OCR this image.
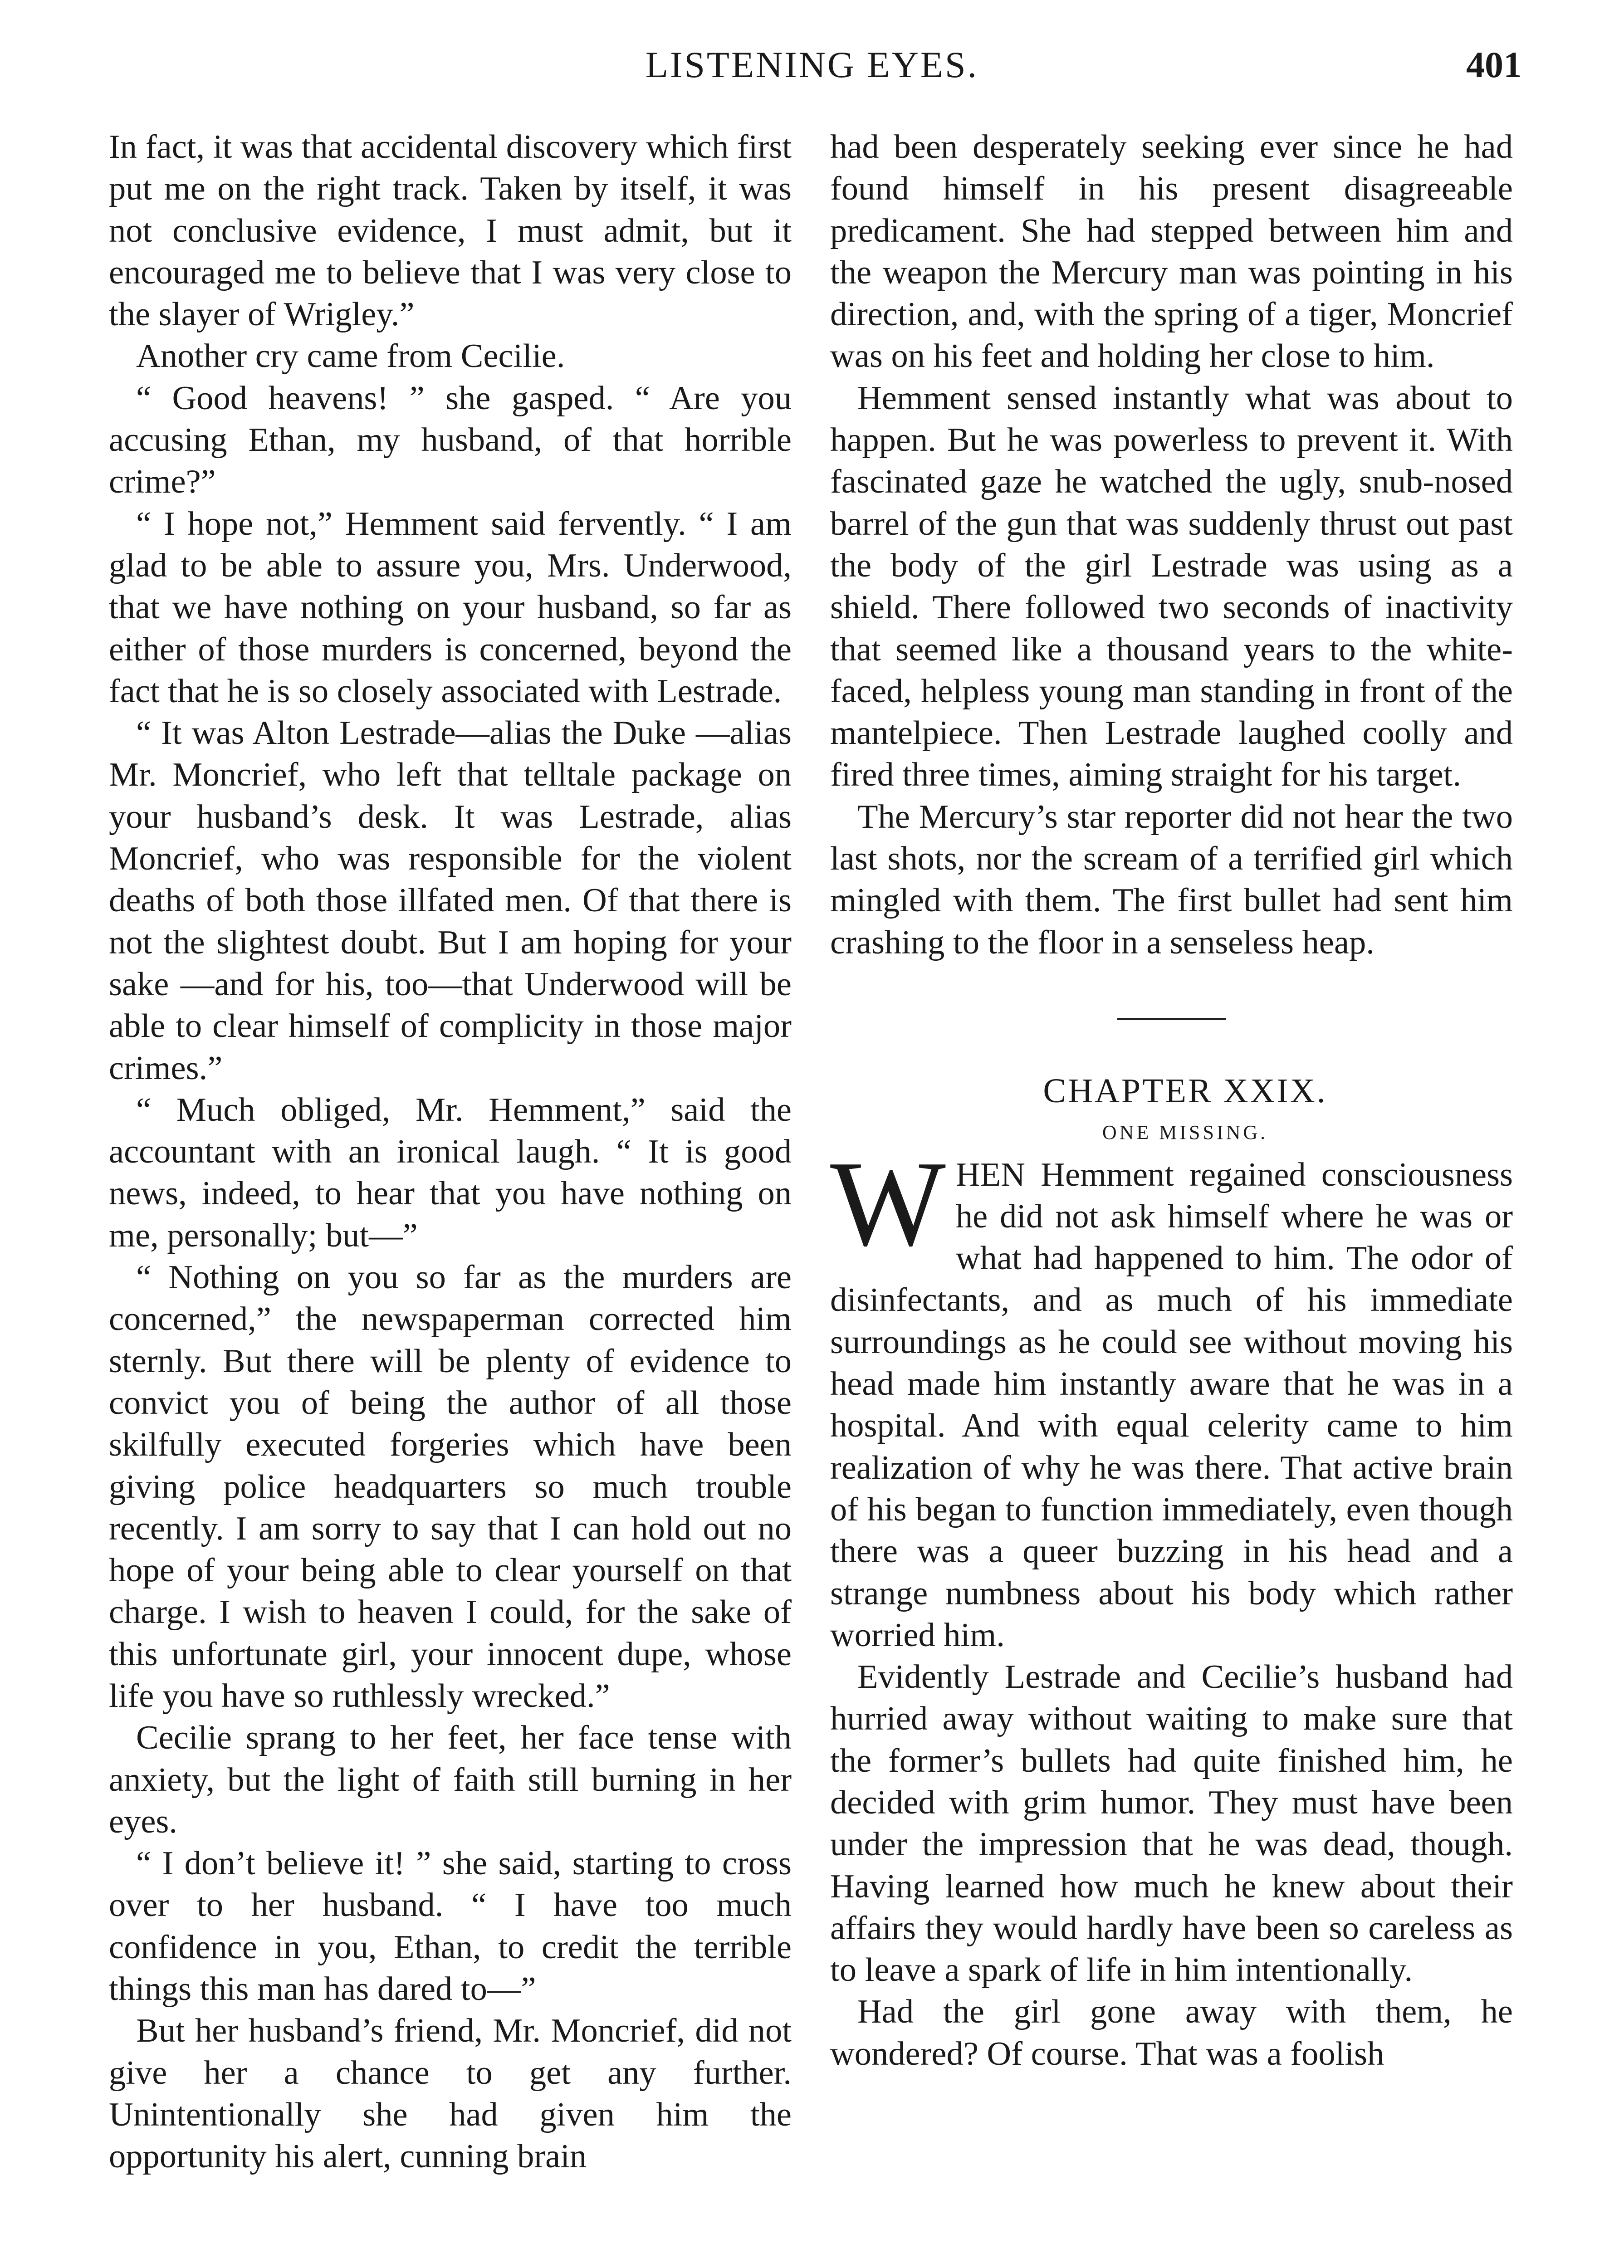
LISTENING EYES.	401

In fact, it was that accidental discovery which first put me on the right track. Taken by itself, it was not conclusive evidence, I must admit, but it encouraged me to believe that I was very close to the slayer of Wrigley.”

Another cry came from Cecilie.

“ Good heavens! ” she gasped. “ Are you accusing Ethan, my husband, of that horrible crime?”

“ I hope not,” Hemment said fervently. “ I am glad to be able to assure you, Mrs. Underwood, that we have nothing on your husband, so far as either of those murders is concerned, beyond the fact that he is so closely associated with Lestrade.

“ It was Alton Lestrade—alias the Duke —alias Mr. Moncrief, who left that telltale package on your husband’s desk. It was Lestrade, alias Moncrief, who was responsible for the violent deaths of both those illfated men. Of that there is not the slightest doubt. But I am hoping for your sake —and for his, too—that Underwood will be able to clear himself of complicity in those major crimes.”

“ Much obliged, Mr. Hemment,” said the accountant with an ironical laugh. “ It is good news, indeed, to hear that you have nothing on me, personally; but—”

“ Nothing on you so far as the murders are concerned,” the newspaperman corrected him sternly. But there will be plenty of evidence to convict you of being the author of all those skilfully executed forgeries which have been giving police headquarters so much trouble recently. I am sorry to say that I can hold out no hope of your being able to clear yourself on that charge. I wish to heaven I could, for the sake of this unfortunate girl, your innocent dupe, whose life you have so ruthlessly wrecked.”

Cecilie sprang to her feet, her face tense with anxiety, but the light of faith still burning in her eyes.

“ I don’t believe it! ” she said, starting to cross over to her husband. “ I have too much confidence in you, Ethan, to credit the terrible things this man has dared to—”

But her husband’s friend, Mr. Moncrief, did not give her a chance to get any further. Unintentionally she had given him the opportunity his alert, cunning brain

had been desperately seeking ever since he had found himself in his present disagreeable predicament. She had stepped between him and the weapon the Mercury man was pointing in his direction, and, with the spring of a tiger, Moncrief was on his feet and holding her close to him.

Hemment sensed instantly what was about to happen. But he was powerless to prevent it. With fascinated gaze he watched the ugly, snub-nosed barrel of the gun that was suddenly thrust out past the body of the girl Lestrade was using as a shield. There followed two seconds of inactivity that seemed like a thousand years to the white-faced, helpless young man standing in front of the mantelpiece. Then Lestrade laughed coolly and fired three times, aiming straight for his target.

The Mercury’s star reporter did not hear the two last shots, nor the scream of a terrified girl which mingled with them. The first bullet had sent him crashing to the floor in a senseless heap.

CHAPTER XXIX.

ONE MISSING.

WHEN Hemment regained consciousness he did not ask himself where he was or what had happened to him. The odor of disinfectants, and as much of his immediate surroundings as he could see without moving his head made him instantly aware that he was in a hospital. And with equal celerity came to him realization of why he was there. That active brain of his began to function immediately, even though there was a queer buzzing in his head and a strange numbness about his body which rather worried him.

Evidently Lestrade and Cecilie’s husband had hurried away without waiting to make sure that the former’s bullets had quite finished him, he decided with grim humor. They must have been under the impression that he was dead, though. Having learned how much he knew about their affairs they would hardly have been so careless as to leave a spark of life in him intentionally.

Had the girl gone away with them, he wondered? Of course. That was a foolish
